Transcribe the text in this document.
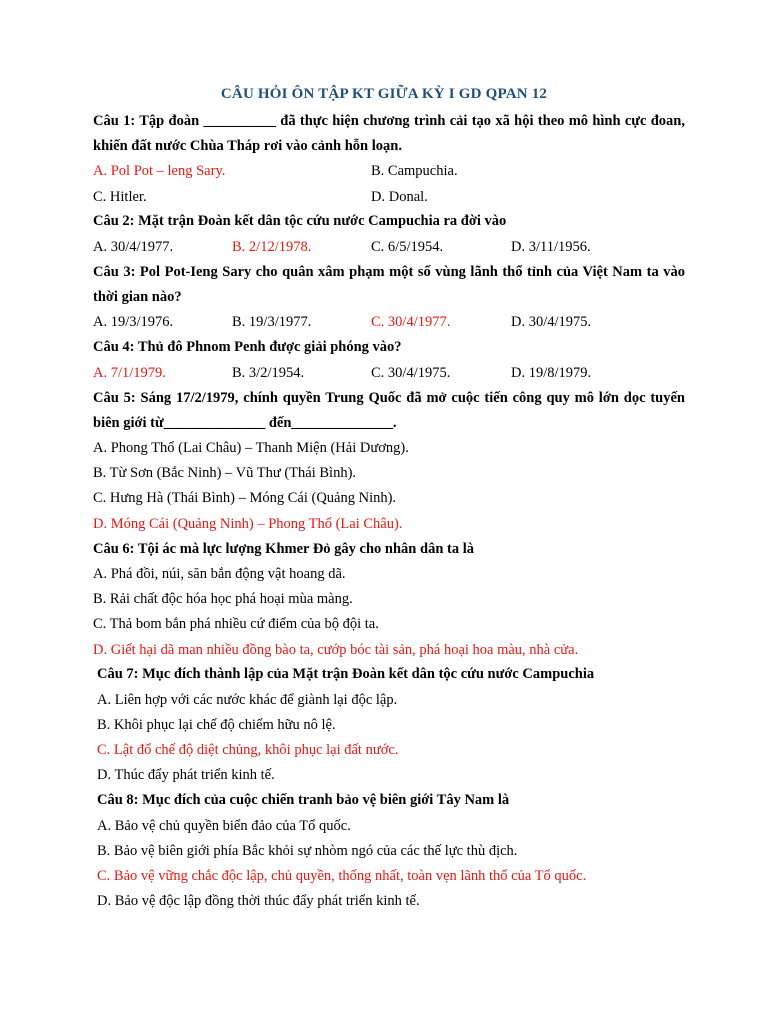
CÂU HỎI ÔN TẬP KT GIỮA KỲ I GD QPAN 12
Câu 1: Tập đoàn __________ đã thực hiện chương trình cải tạo xã hội theo mô hình cực đoan, khiến đất nước Chùa Tháp rơi vào cảnh hỗn loạn.
A. Pol Pot – leng Sary.	B. Campuchia.
C. Hitler.	D. Donal.
Câu 2: Mặt trận Đoàn kết dân tộc cứu nước Campuchia ra đời vào
A. 30/4/1977.	B. 2/12/1978.	C. 6/5/1954.	D. 3/11/1956.
Câu 3: Pol Pot-Ieng Sary cho quân xâm phạm một số vùng lãnh thổ tỉnh của Việt Nam ta vào thời gian nào?
A. 19/3/1976.	B. 19/3/1977.	C. 30/4/1977.	D. 30/4/1975.
Câu 4: Thủ đô Phnom Penh được giải phóng vào?
A. 7/1/1979.	B. 3/2/1954.	C. 30/4/1975.	D. 19/8/1979.
Câu 5: Sáng 17/2/1979, chính quyền Trung Quốc đã mở cuộc tiến công quy mô lớn dọc tuyến biên giới từ______________ đến______________.
A. Phong Thổ (Lai Châu) – Thanh Miện (Hải Dương).
B. Từ Sơn (Bắc Ninh) – Vũ Thư (Thái Bình).
C. Hưng Hà (Thái Bình) – Móng Cái (Quảng Ninh).
D. Móng Cái (Quảng Ninh) – Phong Thổ (Lai Châu).
Câu 6: Tội ác mà lực lượng Khmer Đỏ gây cho nhân dân ta là
A. Phá đồi, núi, săn bắn động vật hoang dã.
B. Rải chất độc hóa học phá hoại mùa màng.
C. Thả bom bắn phá nhiều cứ điểm của bộ đội ta.
D. Giết hại dã man nhiều đồng bào ta, cướp bóc tài sản, phá hoại hoa màu, nhà cửa.
Câu 7: Mục đích thành lập của Mặt trận Đoàn kết dân tộc cứu nước Campuchia
A. Liên hợp với các nước khác để giành lại độc lập.
B. Khôi phục lại chế độ chiếm hữu nô lệ.
C. Lật đổ chế độ diệt chủng, khôi phục lại đất nước.
D. Thúc đẩy phát triển kinh tế.
Câu 8: Mục đích của cuộc chiến tranh bảo vệ biên giới Tây Nam là
A. Bảo vệ chủ quyền biển đảo của Tổ quốc.
B. Bảo vệ biên giới phía Bắc khỏi sự nhòm ngó của các thế lực thù địch.
C. Bảo vệ vững chắc độc lập, chủ quyền, thống nhất, toàn vẹn lãnh thổ của Tổ quốc.
D. Bảo vệ độc lập đồng thời thúc đẩy phát triển kinh tế.
